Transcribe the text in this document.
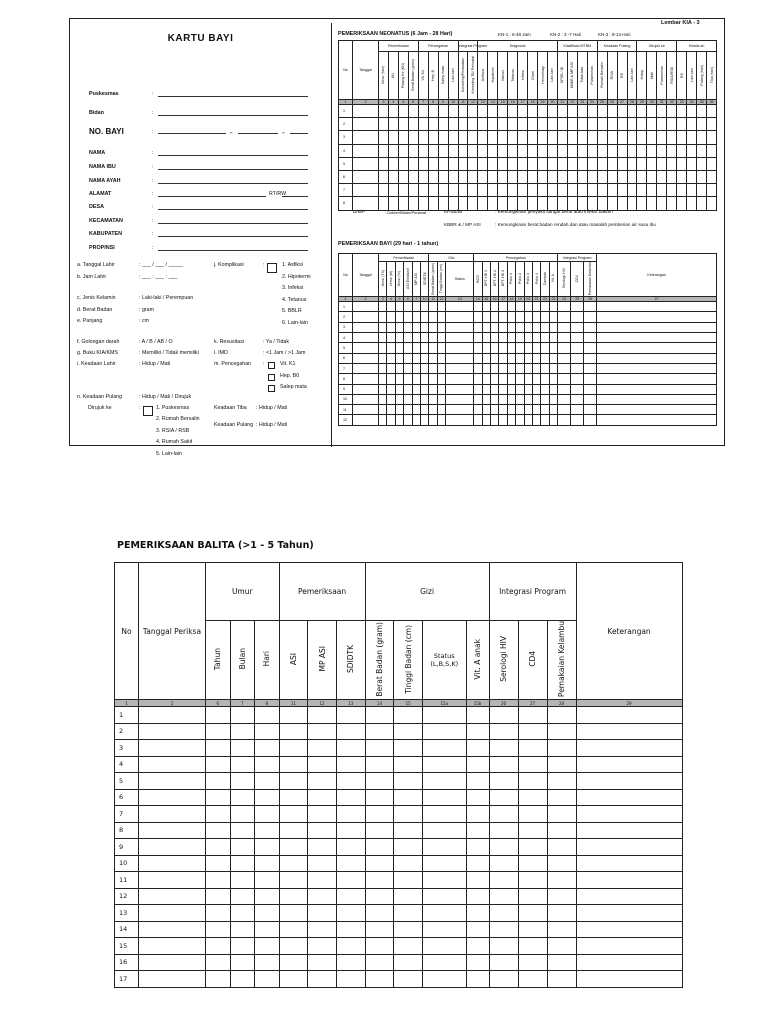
Lembar KIA - 3
KARTU BAYI
Puskesmas	:
Bidan	:
NO. BAYI	:	-	-
NAMA	:
NAMA IBU	:
NAMA AYAH	:
ALAMAT	:	RT/RW
DESA	:
KECAMATAN	:
KABUPATEN	:
PROPINSI	:
a. Tanggal Lahir	: ___ / ___ / _____
b. Jam Lahir	: ___ : ___ : ___
c. Jenis Kelamin	: Laki-laki / Perempuan
d. Berat Badan	: gram
e. Panjang	: cm
j. Komplikasi	:	1. Asfiksi
2. Hipotermi
3. Infeksi
4. Tetanus
5. BBLR
6. Lain-lain
f. Golongan darah	: A / B / AB / O
g. Buku KIA/KMS	: Memiliki / Tidak memiliki
i. Keadaan Lahir	: Hidup / Mati
k. Resusitasi	: Ya / Tidak
l. IMD	: <1 Jam / >1 Jam
m. Pencegahan :	Vit. K1
Hep. B0
Salep mata
n. Keadaan Pulang	: Hidup / Mati / Dirujuk
Dirujuk ke	:	1. Puskesmas
2. Rumah Bersalin
3. RSIA / RSB
4. Rumah Sakit
5. Lain-lain
Keadaan Tiba : Hidup / Mati
Keadaan Pulang : Hidup / Mati
PEMERIKSAAN NEONATUS (6 Jam - 28 Hari)	KN-1 : 6-48 Jam	KN-2 : 3 -7 Hari	KN-3 : 8-14 Hari
No	Tanggal	Pemeriksaan				Pencegahan				Integrasi Program		Diagnosis								Klasifikasi MTBM				Keadaan Pulang				Dirujuk ke				Keada an			
		Umur (hari)	KN	Pulang Ke (KN)	Berat Badan (gram)	Vit. K1	Hep. B	Salep mata	Lain-lain	Konseling/Perawatan	Konseling TB/ Perinatal	Asfiksia	Hipotermi	Ikterus	Tetanus	Infeksi	Diare	Hemorhagi	Lain-lain	KPSB / IB	KBBR & MP ASI	Tidak Ada	Puskesmas	Rumah Bersalin	RSIA	RS	Lain-lain	Hidup	Mati	Puskesmas	RSIA/RSB	RS	Lain-lain	Pulang (hari)	Tiba (hari)
1	2	3	4	5	6	7	8	9	10	11	12	13	14	15	16	17	18	19	20	21	22	23	24	25	26	27	28	29	30	31	32	33	34	35	36
1																																			
2																																			
3																																			
4																																			
5																																			
6																																			
7																																			
8																																			
D/B/P	: Dokter/Bidan/Perawat	KPSB/IB	: Kemungkinan penyakit sangat berat atau infeksi bakteri
KBBR & / MP ASI	: Kemungkinan berat badan rendah dan atau masalah pemberian air susu ibu
PEMERIKSAAN BAYI (29 hari - 1 tahun)
No	Tanggal	Pemeriksaan						Gizi			Pencegahan										Integrasi Program			Keterangan
		Umur (Th)	Umur (bl)	Umur (hr)	ASI Eksklusif	MP ASI	SDIDTK	Berat Badan (gram)	Tinggi Badan (cm)	Status	BCG	DPT-HB 1	DPT-HB 2	DPT-HB 3	Polio 1	Polio 2	Polio 3	Polio 4	Campak	Vit. A	Serologi HIV	CD4	Pemakaian Kelambu	
1	2	3	4	5	6	7	10	11	12	13	14	15	16	17	18	19	20	21	22	23	24	25	26	27
1																								
2																								
3																								
4																								
5																								
6																								
7																								
8																								
9																								
10																								
11																								
12																								
PEMERIKSAAN BALITA (>1 - 5 Tahun)
No	Tanggal Periksa	Umur			Pemeriksaan			Gizi				Integrasi Program			Keterangan
		Tahun	Bulan	Hari	ASI	MP ASI	SDIDTK	Berat Badan (gram)	Tinggi Badan (cm)	Status (L,B,S,K)	Vit. A anak	Serologi HIV	CD4	Pemakaian Kelambu	
1	2	6	7	8	11	12	13	14	15	15a	15b	26	27	28	29
1															
2															
3															
4															
5															
6															
7															
8															
9															
10															
11															
12															
13															
14															
15															
16															
17															
